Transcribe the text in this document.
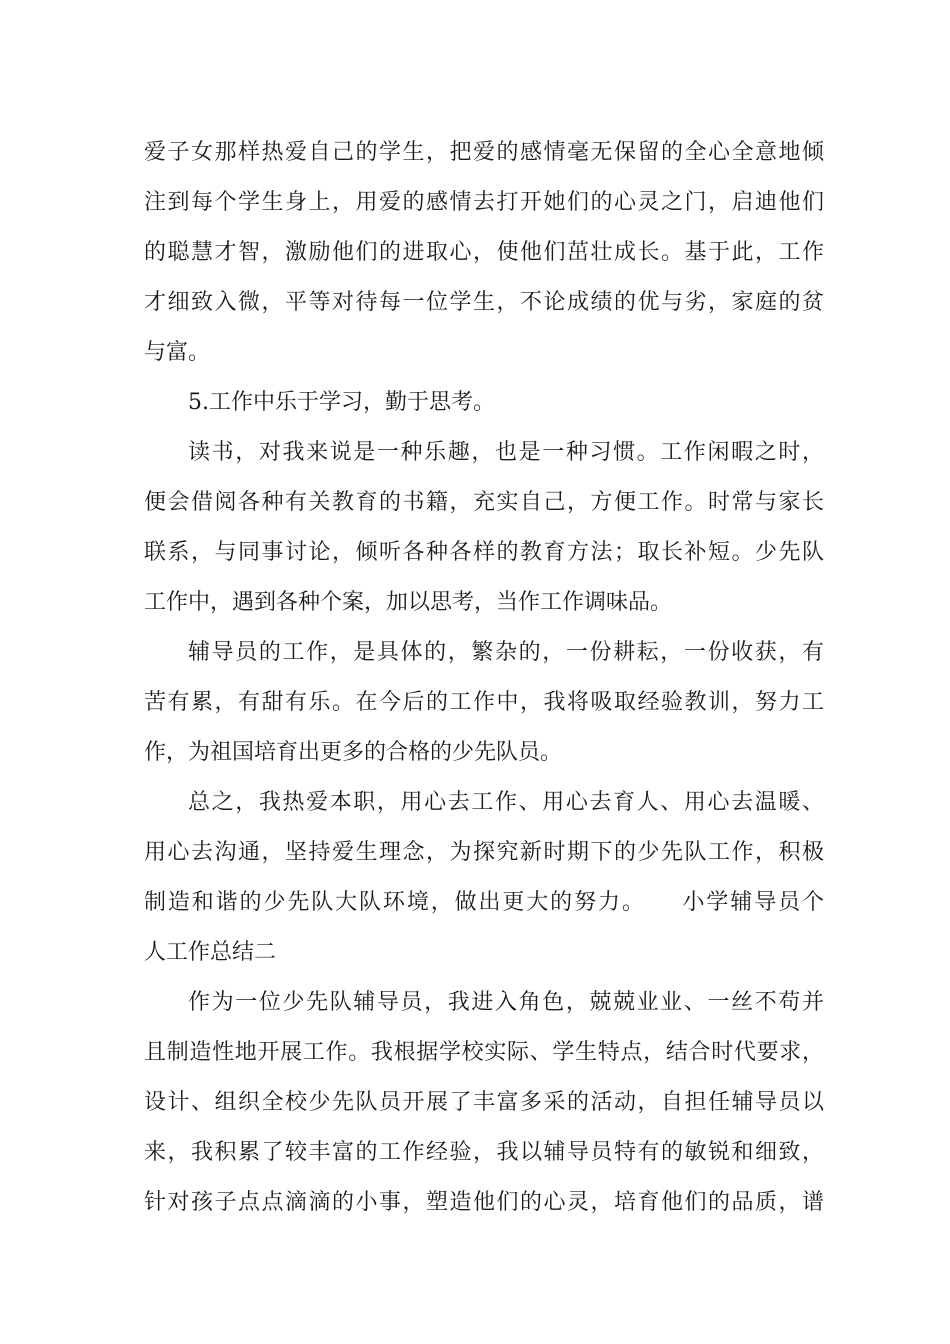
爱子女那样热爱自己的学生，把爱的感情毫无保留的全心全意地倾
注到每个学生身上，用爱的感情去打开她们的心灵之门，启迪他们
的聪慧才智，激励他们的进取心，使他们茁壮成长。基于此，工作
才细致入微，平等对待每一位学生，不论成绩的优与劣，家庭的贫
与富。
5.工作中乐于学习，勤于思考。
读书，对我来说是一种乐趣，也是一种习惯。工作闲暇之时，
便会借阅各种有关教育的书籍，充实自己，方便工作。时常与家长
联系，与同事讨论，倾听各种各样的教育方法；取长补短。少先队
工作中，遇到各种个案，加以思考，当作工作调味品。
辅导员的工作，是具体的，繁杂的，一份耕耘，一份收获，有
苦有累，有甜有乐。在今后的工作中，我将吸取经验教训，努力工
作，为祖国培育出更多的合格的少先队员。
总之，我热爱本职，用心去工作、用心去育人、用心去温暖、
用心去沟通，坚持爱生理念，为探究新时期下的少先队工作，积极
制造和谐的少先队大队环境，做出更大的努力。　　小学辅导员个
人工作总结二
作为一位少先队辅导员，我进入角色，兢兢业业、一丝不苟并
且制造性地开展工作。我根据学校实际、学生特点，结合时代要求，
设计、组织全校少先队员开展了丰富多采的活动，自担任辅导员以
来，我积累了较丰富的工作经验，我以辅导员特有的敏锐和细致，
针对孩子点点滴滴的小事，塑造他们的心灵，培育他们的品质，谱
